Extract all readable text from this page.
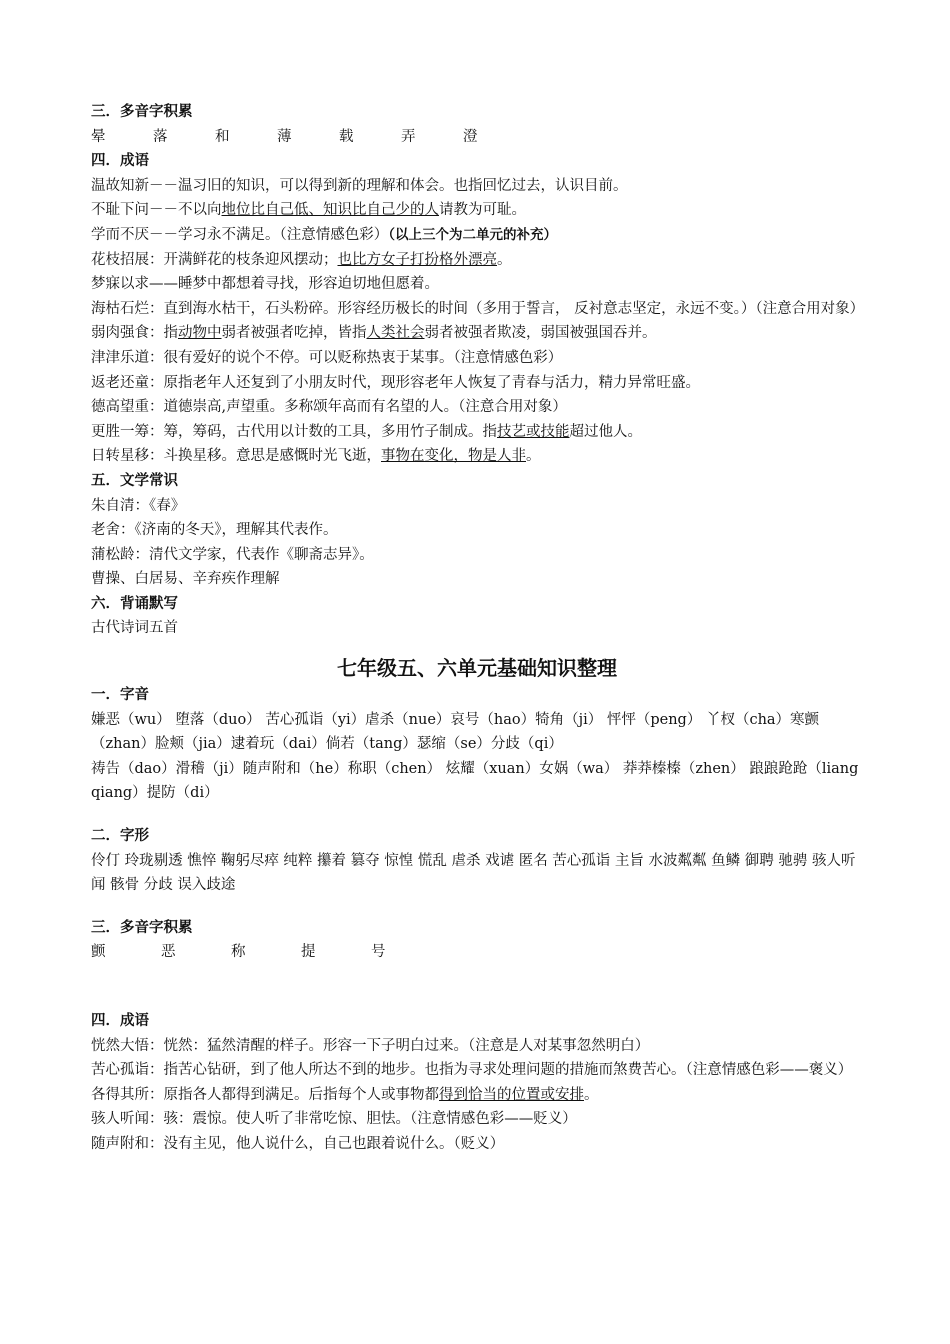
三．多音字积累
晕	落	和	薄	载	弄	澄
四．成语
温故知新－－温习旧的知识，可以得到新的理解和体会。也指回忆过去，认识目前。
不耻下问－－不以向地位比自己低、知识比自己少的人请教为可耻。
学而不厌－－学习永不满足。（注意情感色彩）（以上三个为二单元的补充）
花枝招展：开满鲜花的枝条迎风摆动；也比方女子打扮格外漂亮。
梦寐以求——睡梦中都想着寻找，形容迫切地但愿着。
海枯石烂：直到海水枯干，石头粉碎。形容经历极长的时间（多用于誓言， 反衬意志坚定，永远不变。）（注意合用对象）
弱肉强食：指动物中弱者被强者吃掉，皆指人类社会弱者被强者欺凌，弱国被强国吞并。
津津乐道：很有爱好的说个不停。可以贬称热衷于某事。（注意情感色彩）
返老还童：原指老年人还复到了小朋友时代，现形容老年人恢复了青春与活力，精力异常旺盛。
德高望重：道德崇高,声望重。多称颂年高而有名望的人。（注意合用对象）
更胜一筹：筹，筹码，古代用以计数的工具，多用竹子制成。指技艺或技能超过他人。
日转星移：斗换星移。意思是感慨时光飞逝，事物在变化，物是人非。
五．文学常识
朱自清：《春》
老舍：《济南的冬天》，理解其代表作。
蒲松龄：清代文学家，代表作《聊斋志异》。
曹操、白居易、辛弃疾作理解
六．背诵默写
古代诗词五首
七年级五、六单元基础知识整理
一．字音
嫌恶（wu） 堕落（duo） 苦心孤诣（yi）虐杀（nue）哀号（hao）犄角（ji） 怦怦（peng） 丫杈（cha）寒颤（zhan）脸颊（jia）逮着玩（dai）倘若（tang）瑟缩（se）分歧（qi）
祷告（dao）滑稽（ji）随声附和（he）称职（chen） 炫耀（xuan）女娲（wa） 莽莽榛榛（zhen） 踉踉跄跄（liang qiang）提防（di）
二．字形
伶仃 玲珑剔透 憔悴 鞠躬尽瘁 纯粹 攥着 篡夺 惊惶 慌乱 虐杀 戏谑 匿名 苦心孤诣 主旨 水波粼粼 鱼鳞 御聘 驰骋 骇人听闻 骸骨 分歧 误入歧途
三．多音字积累
颤	恶	称	提	号
四．成语
恍然大悟：恍然：猛然清醒的样子。形容一下子明白过来。（注意是人对某事忽然明白）
苦心孤诣：指苦心钻研，到了他人所达不到的地步。也指为寻求处理问题的措施而煞费苦心。（注意情感色彩——褒义）
各得其所：原指各人都得到满足。后指每个人或事物都得到恰当的位置或安排。
骇人听闻：骇：震惊。使人听了非常吃惊、胆怯。（注意情感色彩——贬义）
随声附和：没有主见，他人说什么，自己也跟着说什么。（贬义）
